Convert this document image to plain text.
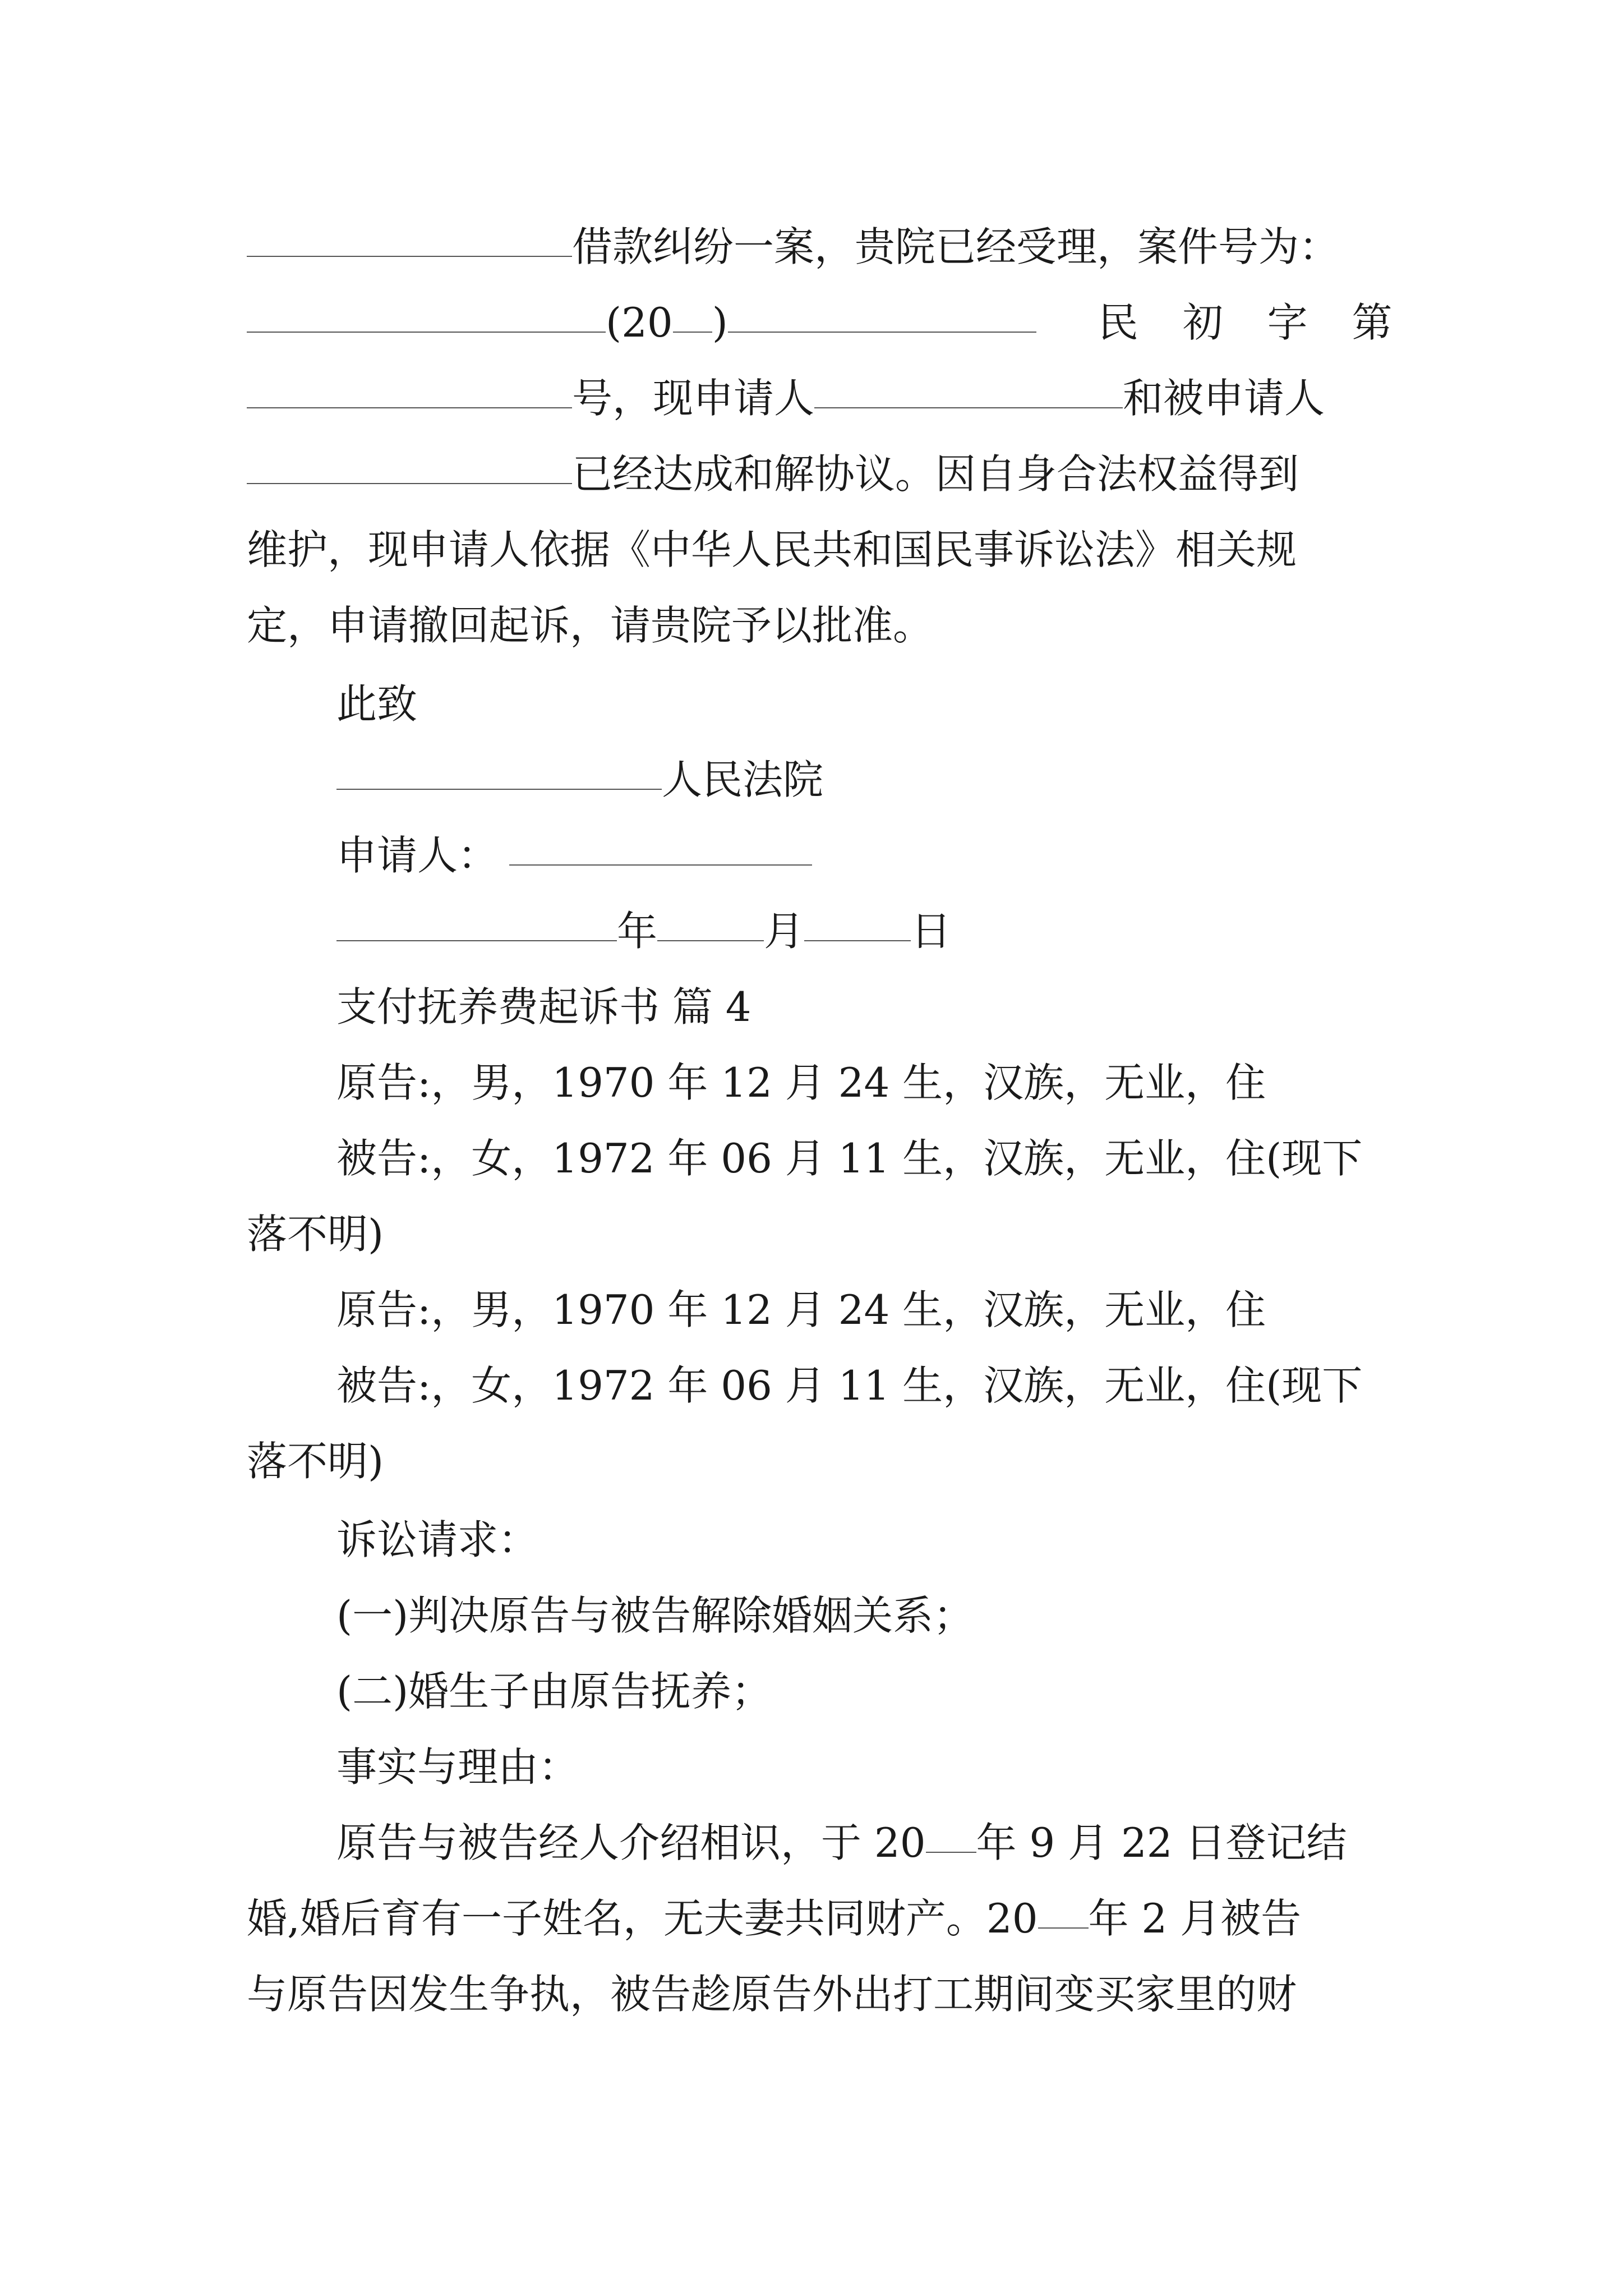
借款纠纷一案，贵院已经受理，案件号为：
(20 )	民 初 字 第
号，现申请人	和被申请人
已经达成和解协议。因自身合法权益得到
维护，现申请人依据《中华人民共和国民事诉讼法》相关规
定，申请撤回起诉，请贵院予以批准。
此致
人民法院
申请人：
年	月	日
支付抚养费起诉书 篇 4
原告:，男，1970 年 12 月 24 生，汉族，无业，住
被告:，女，1972 年 06 月 11 生，汉族，无业，住(现下
落不明)
原告:，男，1970 年 12 月 24 生，汉族，无业，住
被告:，女，1972 年 06 月 11 生，汉族，无业，住(现下
落不明)
诉讼请求：
(一)判决原告与被告解除婚姻关系；
(二)婚生子由原告抚养；
事实与理由：
原告与被告经人介绍相识，于 20 年 9 月 22 日登记结
婚,婚后育有一子姓名，无夫妻共同财产。20 年 2 月被告
与原告因发生争执，被告趁原告外出打工期间变买家里的财
